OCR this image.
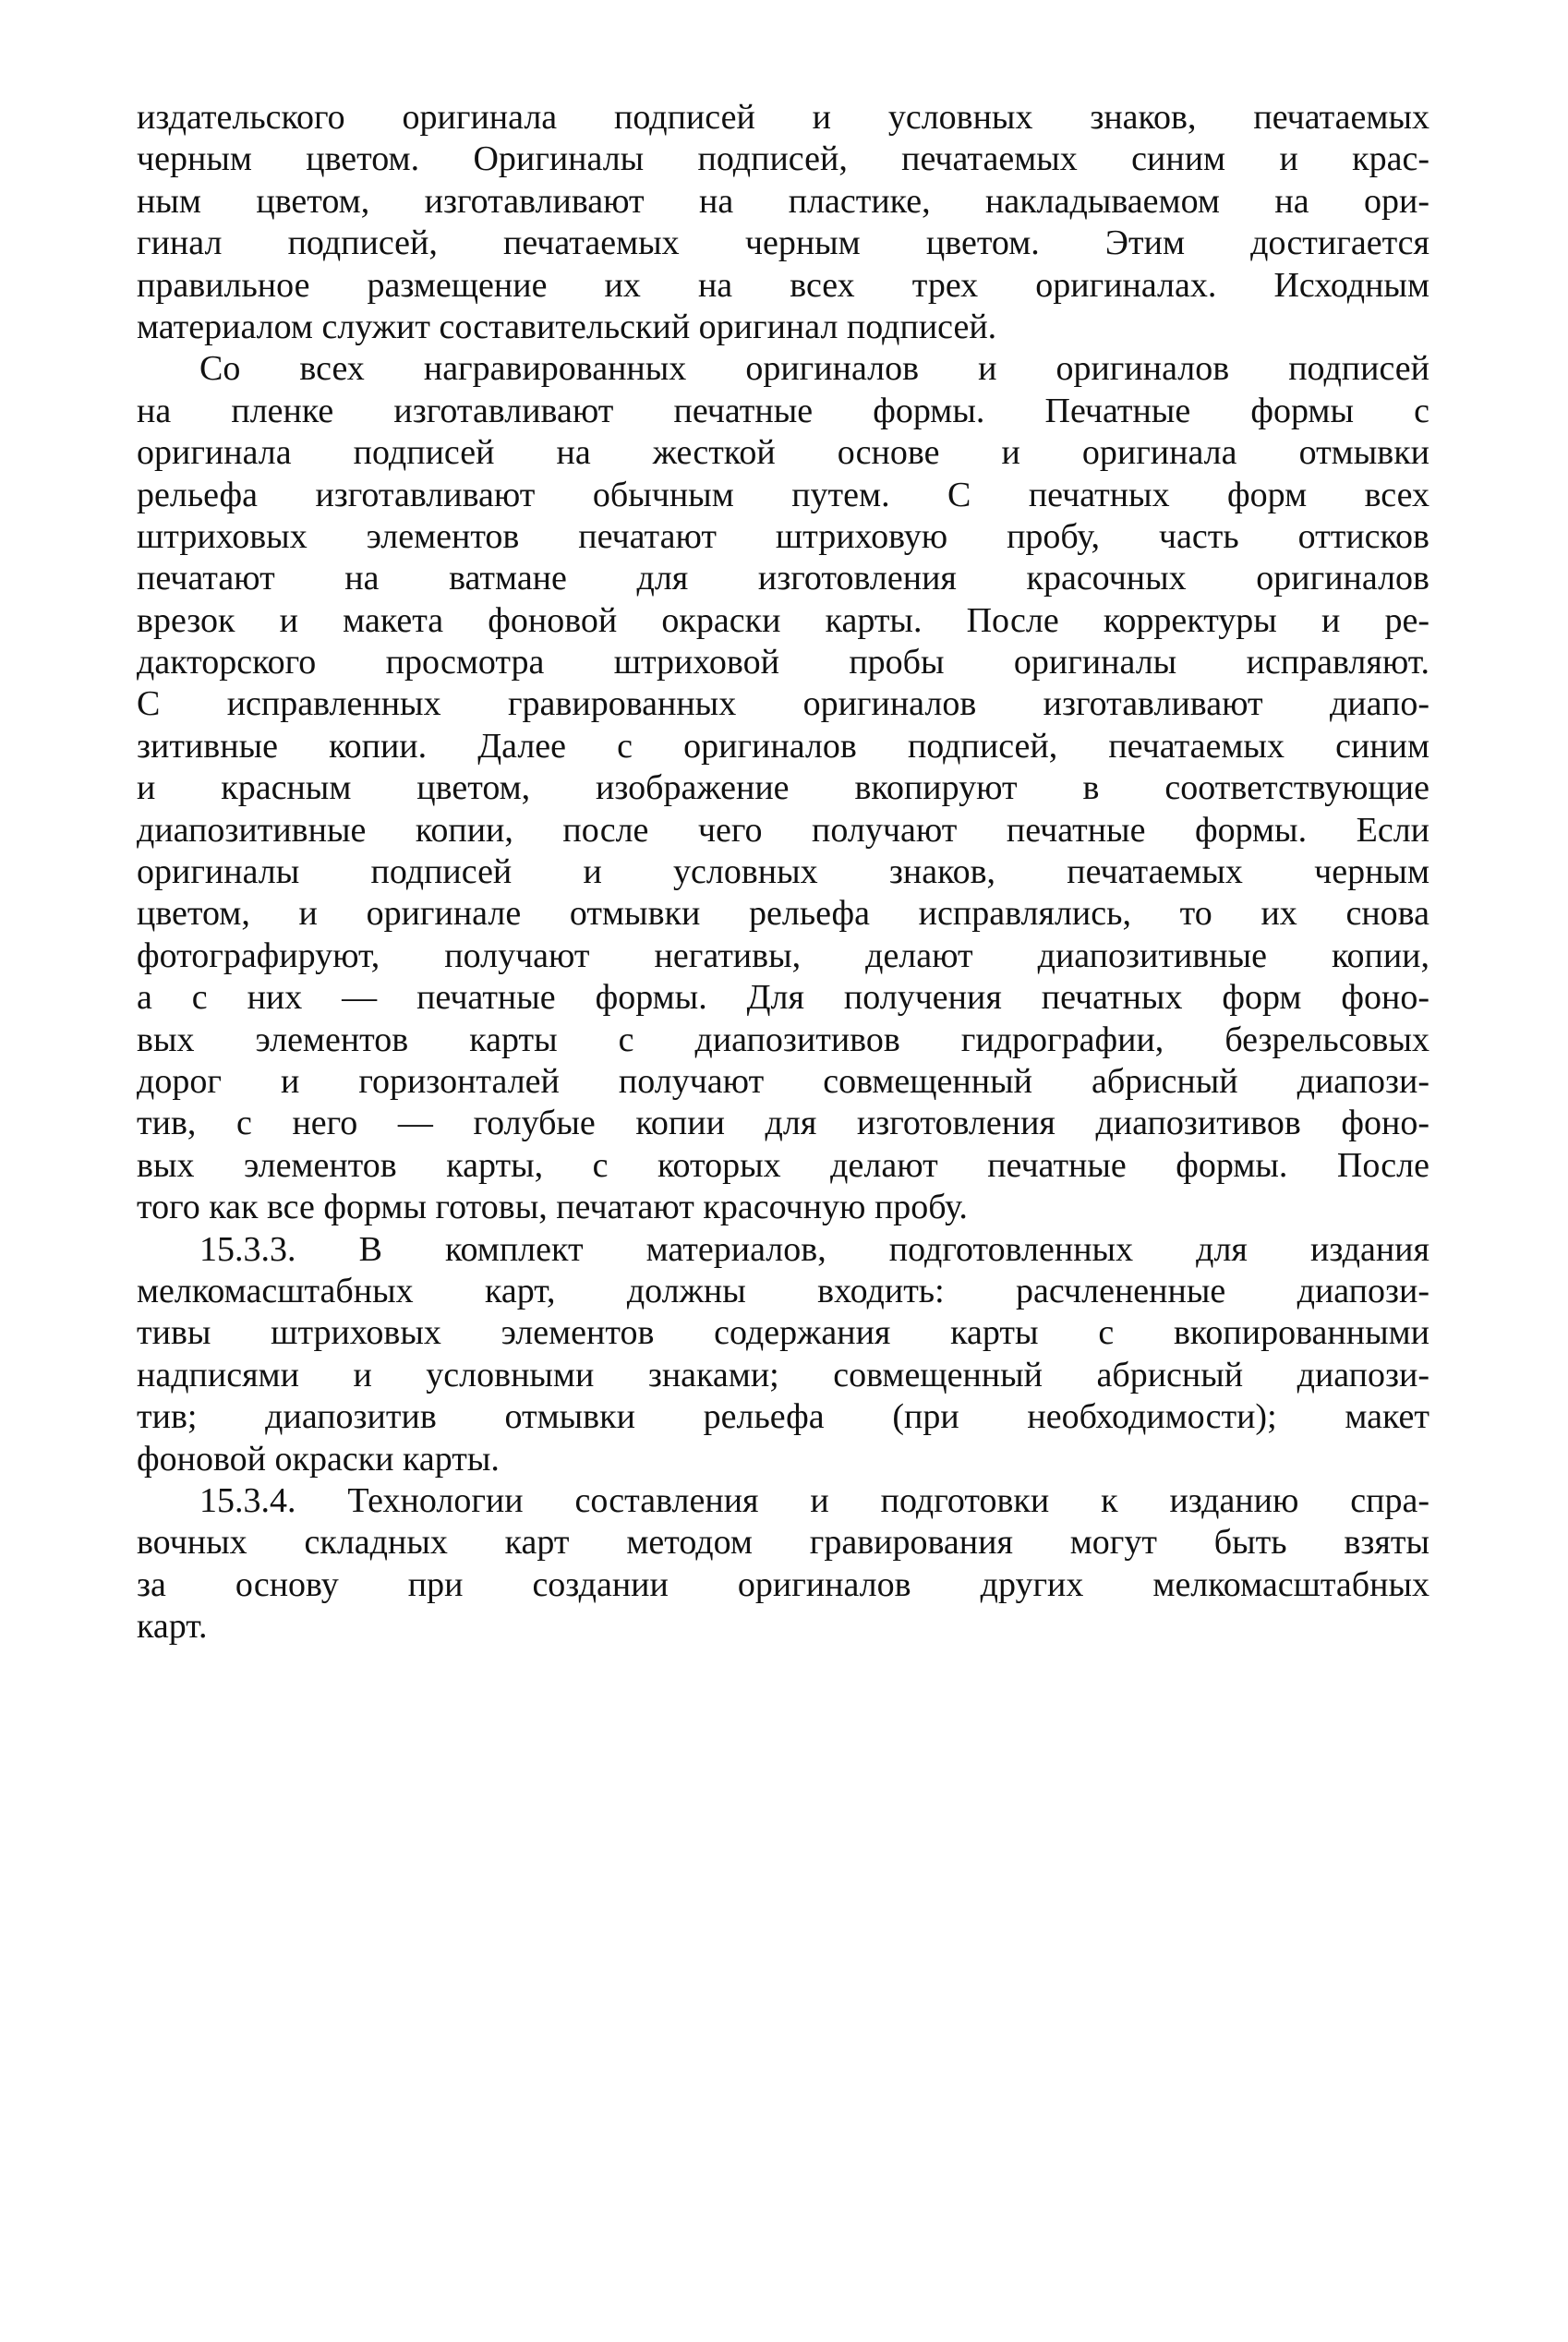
издательского оригинала подписей и условных знаков, печатаемых
черным цветом. Оригиналы подписей, печатаемых синим и крас-
ным цветом, изготавливают на пластике, накладываемом на ори-
гинал подписей, печатаемых черным цветом. Этим достигается
правильное размещение их на всех трех оригиналах. Исходным
материалом служит составительский оригинал подписей.
Со всех награвированных оригиналов и оригиналов подписей
на пленке изготавливают печатные формы. Печатные формы с
оригинала подписей на жесткой основе и оригинала отмывки
рельефа изготавливают обычным путем. С печатных форм всех
штриховых элементов печатают штриховую пробу, часть оттисков
печатают на ватмане для изготовления красочных оригиналов
врезок и макета фоновой окраски карты. После корректуры и ре-
дакторского просмотра штриховой пробы оригиналы исправляют.
С исправленных гравированных оригиналов изготавливают диапо-
зитивные копии. Далее с оригиналов подписей, печатаемых синим
и красным цветом, изображение вкопируют в соответствующие
диапозитивные копии, после чего получают печатные формы. Если
оригиналы подписей и условных знаков, печатаемых черным
цветом, и оригинале отмывки рельефа исправлялись, то их снова
фотографируют, получают негативы, делают диапозитивные копии,
а с них — печатные формы. Для получения печатных форм фоно-
вых элементов карты с диапозитивов гидрографии, безрельсовых
дорог и горизонталей получают совмещенный абрисный диапози-
тив, с него — голубые копии для изготовления диапозитивов фоно-
вых элементов карты, с которых делают печатные формы. После
того как все формы готовы, печатают красочную пробу.
15.3.3. В комплект материалов, подготовленных для издания
мелкомасштабных карт, должны входить: расчлененные диапози-
тивы штриховых элементов содержания карты с вкопированными
надписями и условными знаками; совмещенный абрисный диапози-
тив; диапозитив отмывки рельефа (при необходимости); макет
фоновой окраски карты.
15.3.4. Технологии составления и подготовки к изданию спра-
вочных складных карт методом гравирования могут быть взяты
за основу при создании оригиналов других мелкомасштабных
карт.
